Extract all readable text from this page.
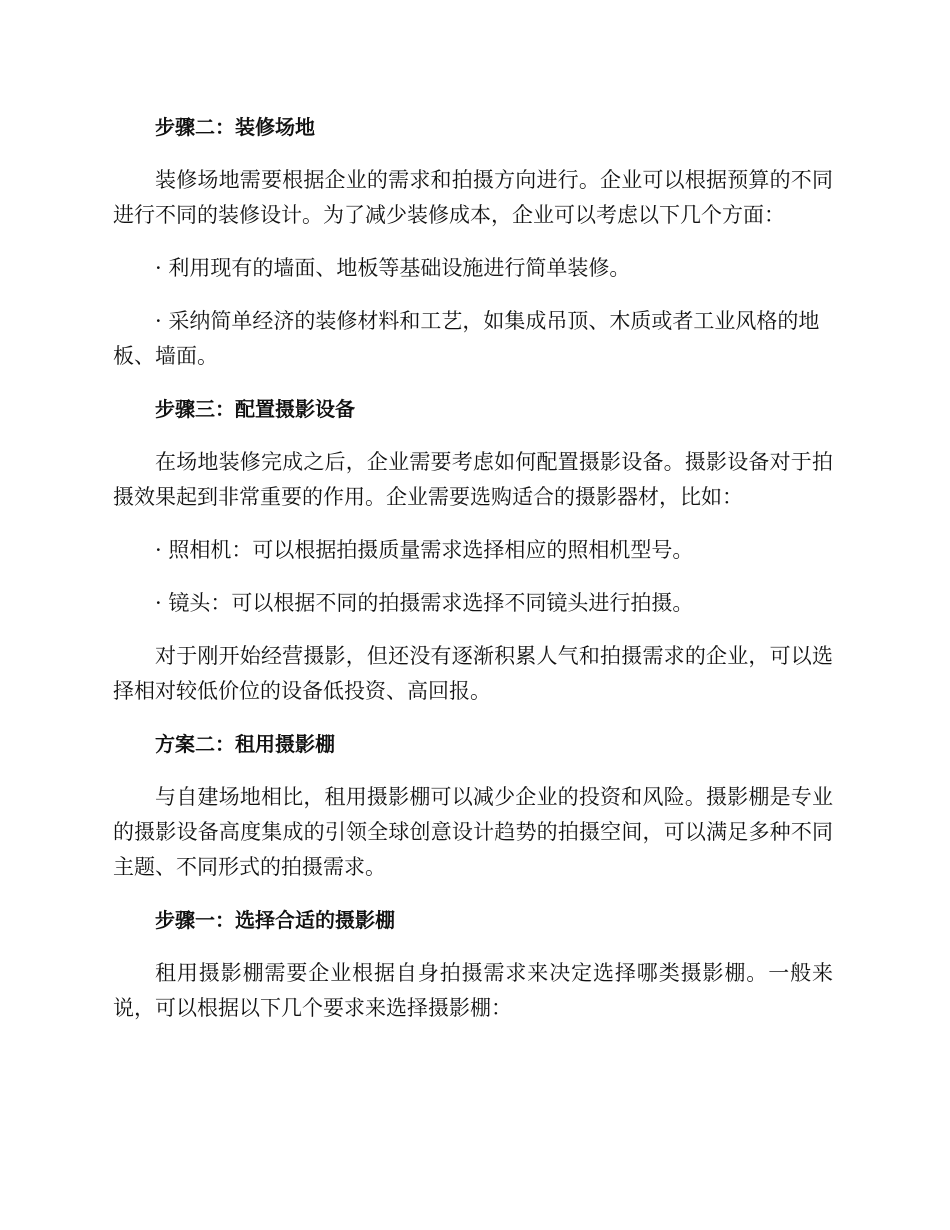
步骤二：装修场地
装修场地需要根据企业的需求和拍摄方向进行。企业可以根据预算的不同进行不同的装修设计。为了减少装修成本，企业可以考虑以下几个方面：
· 利用现有的墙面、地板等基础设施进行简单装修。
· 采纳简单经济的装修材料和工艺，如集成吊顶、木质或者工业风格的地板、墙面。
步骤三：配置摄影设备
在场地装修完成之后，企业需要考虑如何配置摄影设备。摄影设备对于拍摄效果起到非常重要的作用。企业需要选购适合的摄影器材，比如：
· 照相机：可以根据拍摄质量需求选择相应的照相机型号。
· 镜头：可以根据不同的拍摄需求选择不同镜头进行拍摄。
对于刚开始经营摄影，但还没有逐渐积累人气和拍摄需求的企业，可以选择相对较低价位的设备低投资、高回报。
方案二：租用摄影棚
与自建场地相比，租用摄影棚可以减少企业的投资和风险。摄影棚是专业的摄影设备高度集成的引领全球创意设计趋势的拍摄空间，可以满足多种不同主题、不同形式的拍摄需求。
步骤一：选择合适的摄影棚
租用摄影棚需要企业根据自身拍摄需求来决定选择哪类摄影棚。一般来说，可以根据以下几个要求来选择摄影棚：
